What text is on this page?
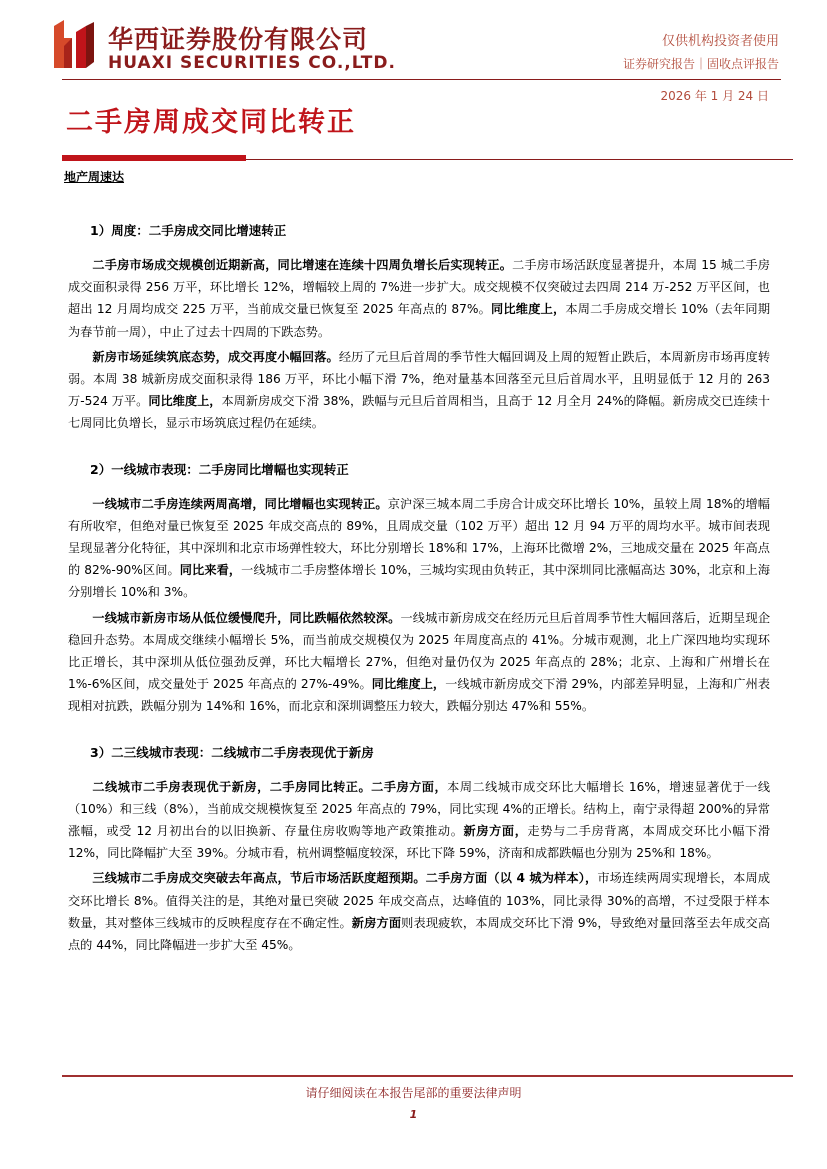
华西证券股份有限公司
HUAXI SECURITIES CO.,LTD.
仅供机构投资者使用
证券研究报告｜固收点评报告
2026 年 1 月 24 日
二手房周成交同比转正
地产周速达
1）周度：二手房成交同比增速转正

二手房市场成交规模创近期新高，同比增速在连续十四周负增长后实现转正。二手房市场活跃度显著提升，本周 15 城二手房成交面积录得 256 万平，环比增长 12%，增幅较上周的 7%进一步扩大。成交规模不仅突破过去四周 214 万-252 万平区间，也超出 12 月周均成交 225 万平，当前成交量已恢复至 2025 年高点的 87%。同比维度上，本周二手房成交增长 10%（去年同期为春节前一周），中止了过去十四周的下跌态势。

新房市场延续筑底态势，成交再度小幅回落。经历了元旦后首周的季节性大幅回调及上周的短暂止跌后，本周新房市场再度转弱。本周 38 城新房成交面积录得 186 万平，环比小幅下滑 7%，绝对量基本回落至元旦后首周水平，且明显低于 12 月的 263 万-524 万平。同比维度上，本周新房成交下滑 38%，跌幅与元旦后首周相当，且高于 12 月全月 24%的降幅。新房成交已连续十七周同比负增长，显示市场筑底过程仍在延续。

2）一线城市表现：二手房同比增幅也实现转正

一线城市二手房连续两周高增，同比增幅也实现转正。京沪深三城本周二手房合计成交环比增长 10%，虽较上周 18%的增幅有所收窄，但绝对量已恢复至 2025 年成交高点的 89%，且周成交量（102 万平）超出 12 月 94 万平的周均水平。城市间表现呈现显著分化特征，其中深圳和北京市场弹性较大，环比分别增长 18%和 17%，上海环比微增 2%，三地成交量在 2025 年高点的 82%-90%区间。同比来看，一线城市二手房整体增长 10%，三城均实现由负转正，其中深圳同比涨幅高达 30%，北京和上海分别增长 10%和 3%。

一线城市新房市场从低位缓慢爬升，同比跌幅依然较深。一线城市新房成交在经历元旦后首周季节性大幅回落后，近期呈现企稳回升态势。本周成交继续小幅增长 5%，而当前成交规模仅为 2025 年周度高点的 41%。分城市观测，北上广深四地均实现环比正增长，其中深圳从低位强劲反弹，环比大幅增长 27%，但绝对量仍仅为 2025 年高点的 28%；北京、上海和广州增长在 1%-6%区间，成交量处于 2025 年高点的 27%-49%。同比维度上，一线城市新房成交下滑 29%，内部差异明显，上海和广州表现相对抗跌，跌幅分别为 14%和 16%，而北京和深圳调整压力较大，跌幅分别达 47%和 55%。

3）二三线城市表现：二线城市二手房表现优于新房

二线城市二手房表现优于新房，二手房同比转正。二手房方面，本周二线城市成交环比大幅增长 16%，增速显著优于一线（10%）和三线（8%），当前成交规模恢复至 2025 年高点的 79%，同比实现 4%的正增长。结构上，南宁录得超 200%的异常涨幅，或受 12 月初出台的以旧换新、存量住房收购等地产政策推动。新房方面，走势与二手房背离，本周成交环比小幅下滑 12%，同比降幅扩大至 39%。分城市看，杭州调整幅度较深，环比下降 59%，济南和成都跌幅也分别为 25%和 18%。

三线城市二手房成交突破去年高点，节后市场活跃度超预期。二手房方面（以 4 城为样本），市场连续两周实现增长，本周成交环比增长 8%。值得关注的是，其绝对量已突破 2025 年成交高点，达峰值的 103%，同比录得 30%的高增，不过受限于样本数量，其对整体三线城市的反映程度存在不确定性。新房方面则表现疲软，本周成交环比下滑 9%，导致绝对量回落至去年成交高点的 44%，同比降幅进一步扩大至 45%。

请仔细阅读在本报告尾部的重要法律声明
1
